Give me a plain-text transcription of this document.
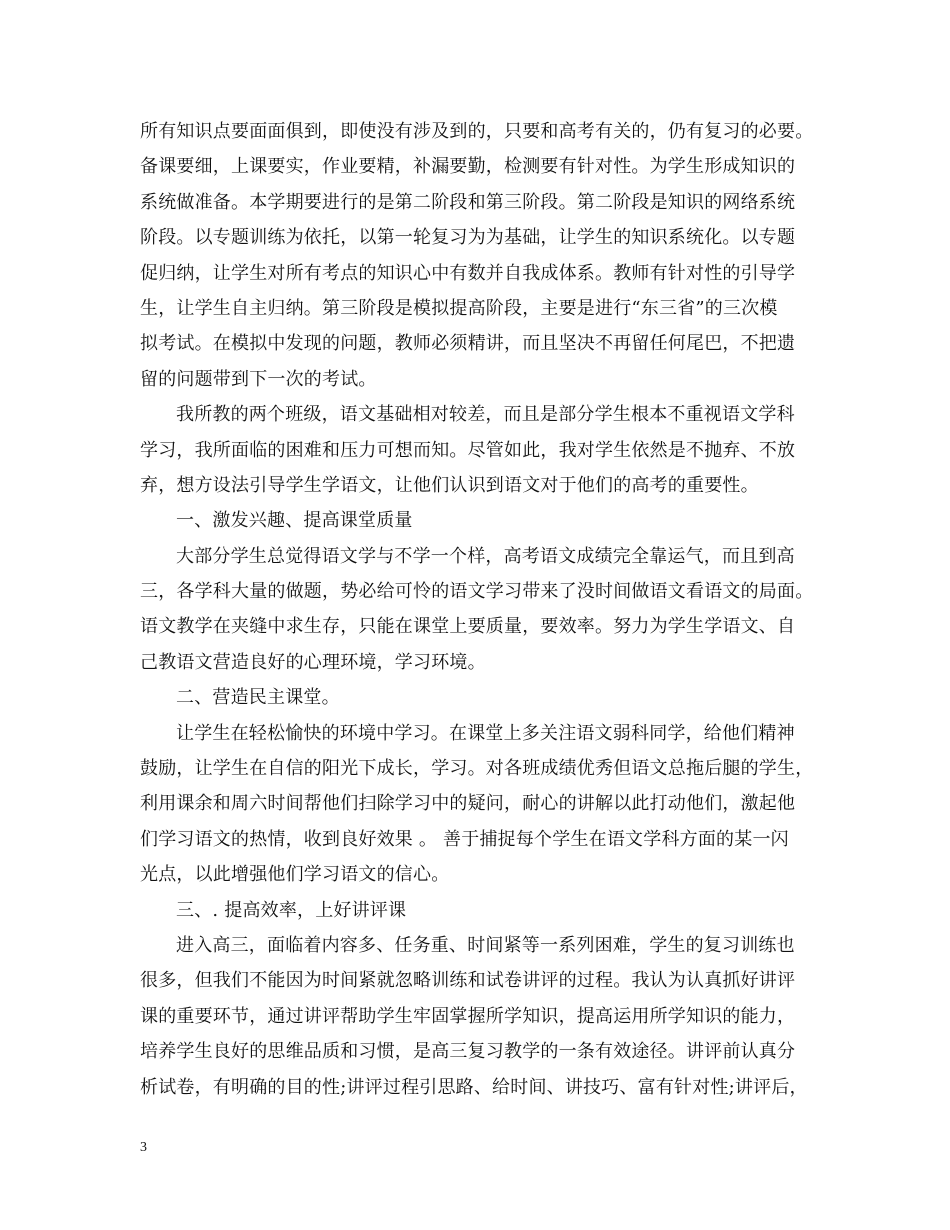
所有知识点要面面俱到，即使没有涉及到的，只要和高考有关的，仍有复习的必要。
备课要细，上课要实，作业要精，补漏要勤，检测要有针对性。为学生形成知识的
系统做准备。本学期要进行的是第二阶段和第三阶段。第二阶段是知识的网络系统
阶段。以专题训练为依托，以第一轮复习为为基础，让学生的知识系统化。以专题
促归纳，让学生对所有考点的知识心中有数并自我成体系。教师有针对性的引导学
生，让学生自主归纳。第三阶段是模拟提高阶段，主要是进行“东三省”的三次模
拟考试。在模拟中发现的问题，教师必须精讲，而且坚决不再留任何尾巴，不把遗
留的问题带到下一次的考试。
我所教的两个班级，语文基础相对较差，而且是部分学生根本不重视语文学科
学习，我所面临的困难和压力可想而知。尽管如此，我对学生依然是不抛弃、不放
弃，想方设法引导学生学语文，让他们认识到语文对于他们的高考的重要性。
一、激发兴趣、提高课堂质量
大部分学生总觉得语文学与不学一个样，高考语文成绩完全靠运气，而且到高
三，各学科大量的做题，势必给可怜的语文学习带来了没时间做语文看语文的局面。
语文教学在夹缝中求生存，只能在课堂上要质量，要效率。努力为学生学语文、自
己教语文营造良好的心理环境，学习环境。
二、营造民主课堂。
让学生在轻松愉快的环境中学习。在课堂上多关注语文弱科同学，给他们精神
鼓励，让学生在自信的阳光下成长，学习。对各班成绩优秀但语文总拖后腿的学生，
利用课余和周六时间帮他们扫除学习中的疑问，耐心的讲解以此打动他们，激起他
们学习语文的热情，收到良好效果 。 善于捕捉每个学生在语文学科方面的某一闪
光点，以此增强他们学习语文的信心。
三、. 提高效率，上好讲评课
进入高三，面临着内容多、任务重、时间紧等一系列困难，学生的复习训练也
很多，但我们不能因为时间紧就忽略训练和试卷讲评的过程。我认为认真抓好讲评
课的重要环节，通过讲评帮助学生牢固掌握所学知识，提高运用所学知识的能力，
培养学生良好的思维品质和习惯，是高三复习教学的一条有效途径。讲评前认真分
析试卷，有明确的目的性;讲评过程引思路、给时间、讲技巧、富有针对性;讲评后，
3
